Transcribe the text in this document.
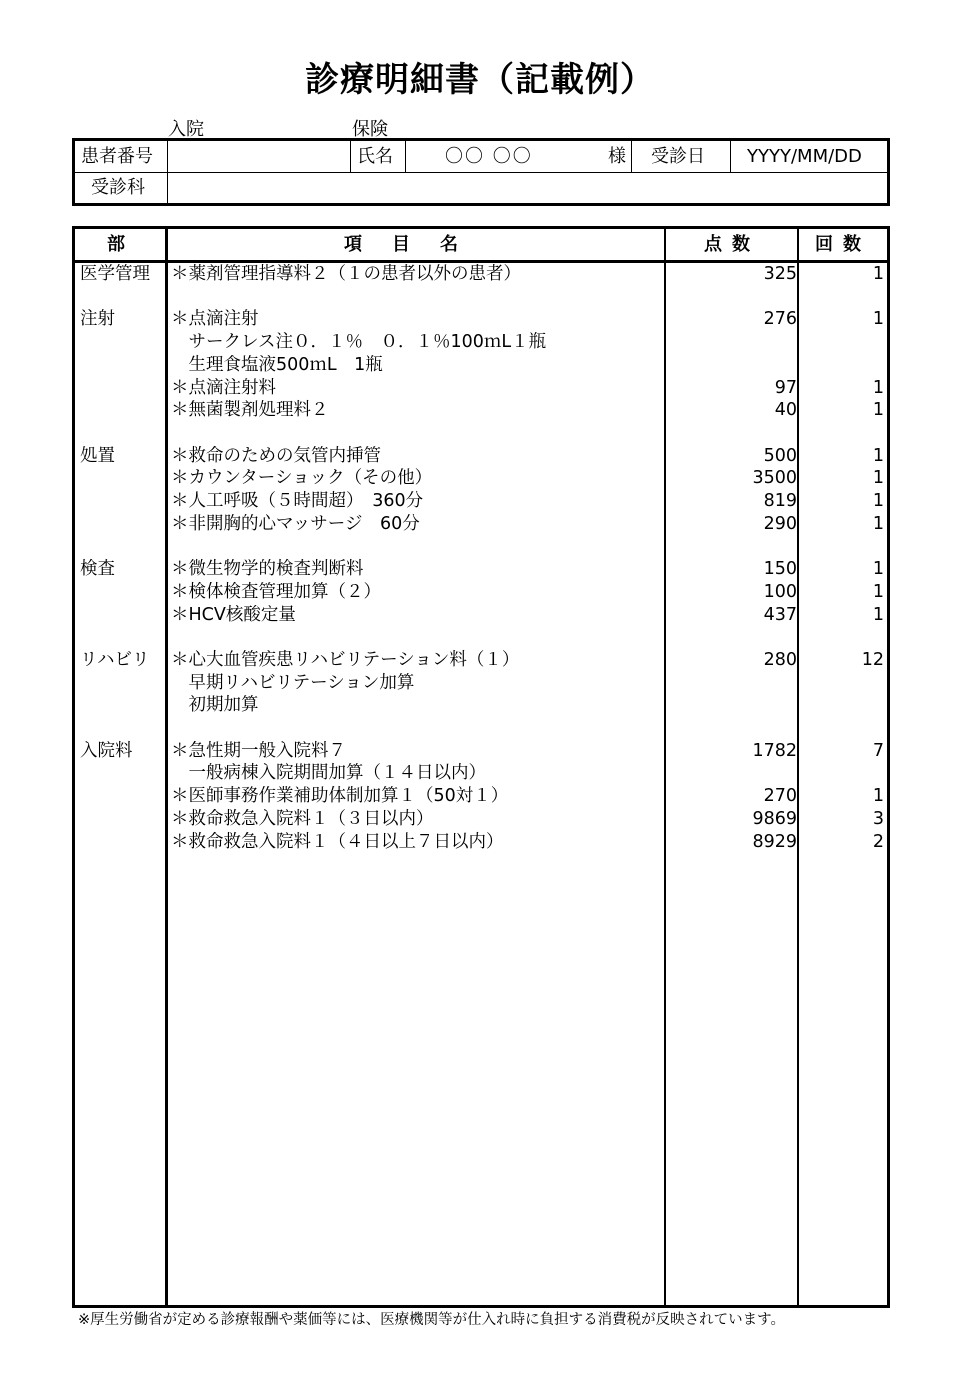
診療明細書（記載例）
入院	保険
患者番号	氏名	〇〇 〇〇	様 受診日 YYYY/MM/DD
受診科
部	項目名	点数	回数
医学管理 ＊薬剤管理指導料２（１の患者以外の患者）	325	1
注射	＊点滴注射	276	1
　サークレス注０．１％　０．１％100ｍL１瓶
　生理食塩液500ｍL　1瓶
＊点滴注射料	97	1
＊無菌製剤処理料２	40	1
処置	＊救命のための気管内挿管	500	1
＊カウンターショック（その他）	3500	1
＊人工呼吸（５時間超）　360分	819	1
＊非開胸的心マッサージ　60分	290	1
検査	＊微生物学的検査判断料	150	1
＊検体検査管理加算（２）	100	1
＊HCV核酸定量	437	1
リハビリ ＊心大血管疾患リハビリテーション料（１）	280	12
　早期リハビリテーション加算
　初期加算
入院料 ＊急性期一般入院料７	1782	7
　一般病棟入院期間加算（１４日以内）
＊医師事務作業補助体制加算１（50対１）	270	1
＊救命救急入院料１（３日以内）	9869	3
＊救命救急入院料１（４日以上７日以内）	8929	2
※厚生労働省が定める診療報酬や薬価等には、医療機関等が仕入れ時に負担する消費税が反映されています。
